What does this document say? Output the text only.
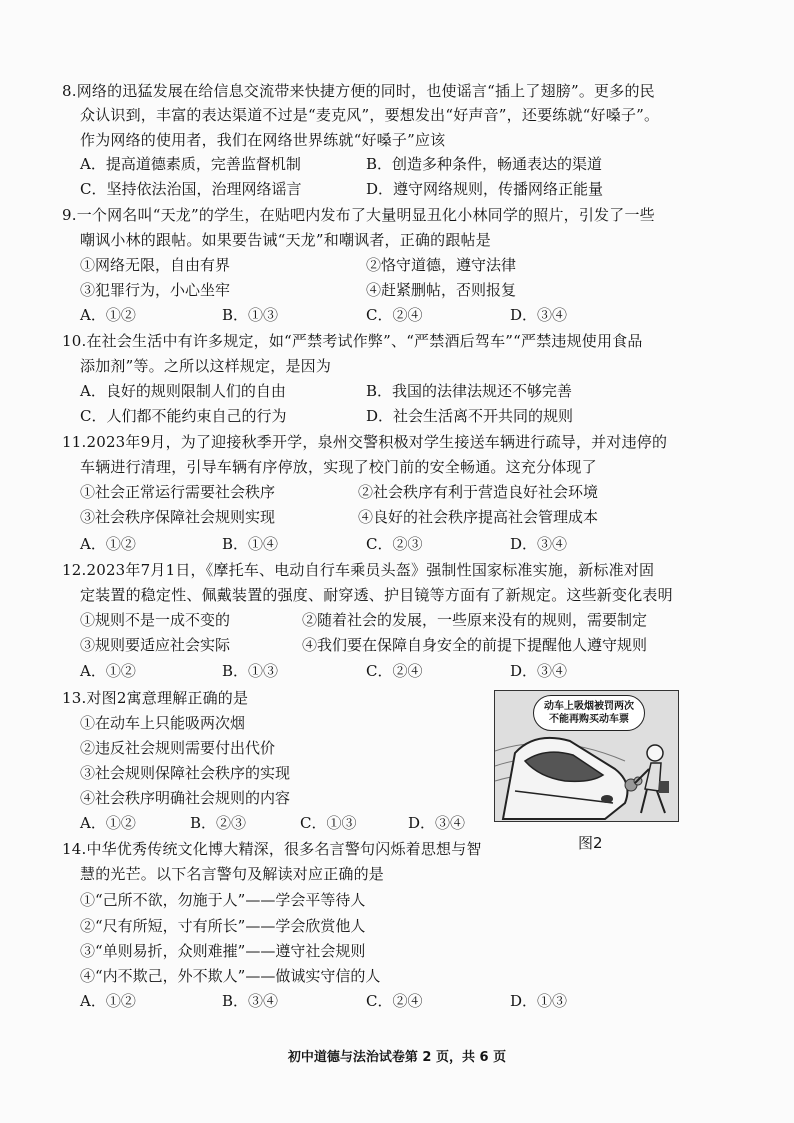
8.网络的迅猛发展在给信息交流带来快捷方便的同时，也使谣言“插上了翅膀”。更多的民
众认识到，丰富的表达渠道不过是“麦克风”，要想发出“好声音”，还要练就“好嗓子”。
作为网络的使用者，我们在网络世界练就“好嗓子”应该
A．提高道德素质，完善监督机制	B．创造多种条件，畅通表达的渠道
C．坚持依法治国，治理网络谣言	D．遵守网络规则，传播网络正能量
9.一个网名叫“天龙”的学生，在贴吧内发布了大量明显丑化小林同学的照片，引发了一些
嘲讽小林的跟帖。如果要告诫“天龙”和嘲讽者，正确的跟帖是
①网络无限，自由有界	②恪守道德，遵守法律
③犯罪行为，小心坐牢	④赶紧删帖，否则报复
A．①②	B．①③	C．②④	D．③④
10.在社会生活中有许多规定，如“严禁考试作弊”、“严禁酒后驾车”“严禁违规使用食品
添加剂”等。之所以这样规定，是因为
A．良好的规则限制人们的自由	B．我国的法律法规还不够完善
C．人们都不能约束自己的行为	D．社会生活离不开共同的规则
11.2023年9月，为了迎接秋季开学，泉州交警积极对学生接送车辆进行疏导，并对违停的
车辆进行清理，引导车辆有序停放，实现了校门前的安全畅通。这充分体现了
①社会正常运行需要社会秩序	②社会秩序有利于营造良好社会环境
③社会秩序保障社会规则实现	④良好的社会秩序提高社会管理成本
A．①②	B．①④	C．②③	D．③④
12.2023年7月1日，《摩托车、电动自行车乘员头盔》强制性国家标准实施，新标准对固
定装置的稳定性、佩戴装置的强度、耐穿透、护目镜等方面有了新规定。这些新变化表明
①规则不是一成不变的	②随着社会的发展，一些原来没有的规则，需要制定
③规则要适应社会实际	④我们要在保障自身安全的前提下提醒他人遵守规则
A．①②	B．①③	C．②④	D．③④
13.对图2寓意理解正确的是
①在动车上只能吸两次烟
②违反社会规则需要付出代价
③社会规则保障社会秩序的实现
④社会秩序明确社会规则的内容
A．①②	B．②③	C．①③	D．③④
动车上吸烟被罚两次
不能再购买动车票
图2
14.中华优秀传统文化博大精深，很多名言警句闪烁着思想与智
慧的光芒。以下名言警句及解读对应正确的是
①“己所不欲，勿施于人”——学会平等待人
②“尺有所短，寸有所长”——学会欣赏他人
③“单则易折，众则难摧”——遵守社会规则
④“内不欺己，外不欺人”——做诚实守信的人
A．①②	B．③④	C．②④	D．①③
初中道德与法治试卷第 2 页，共 6 页
